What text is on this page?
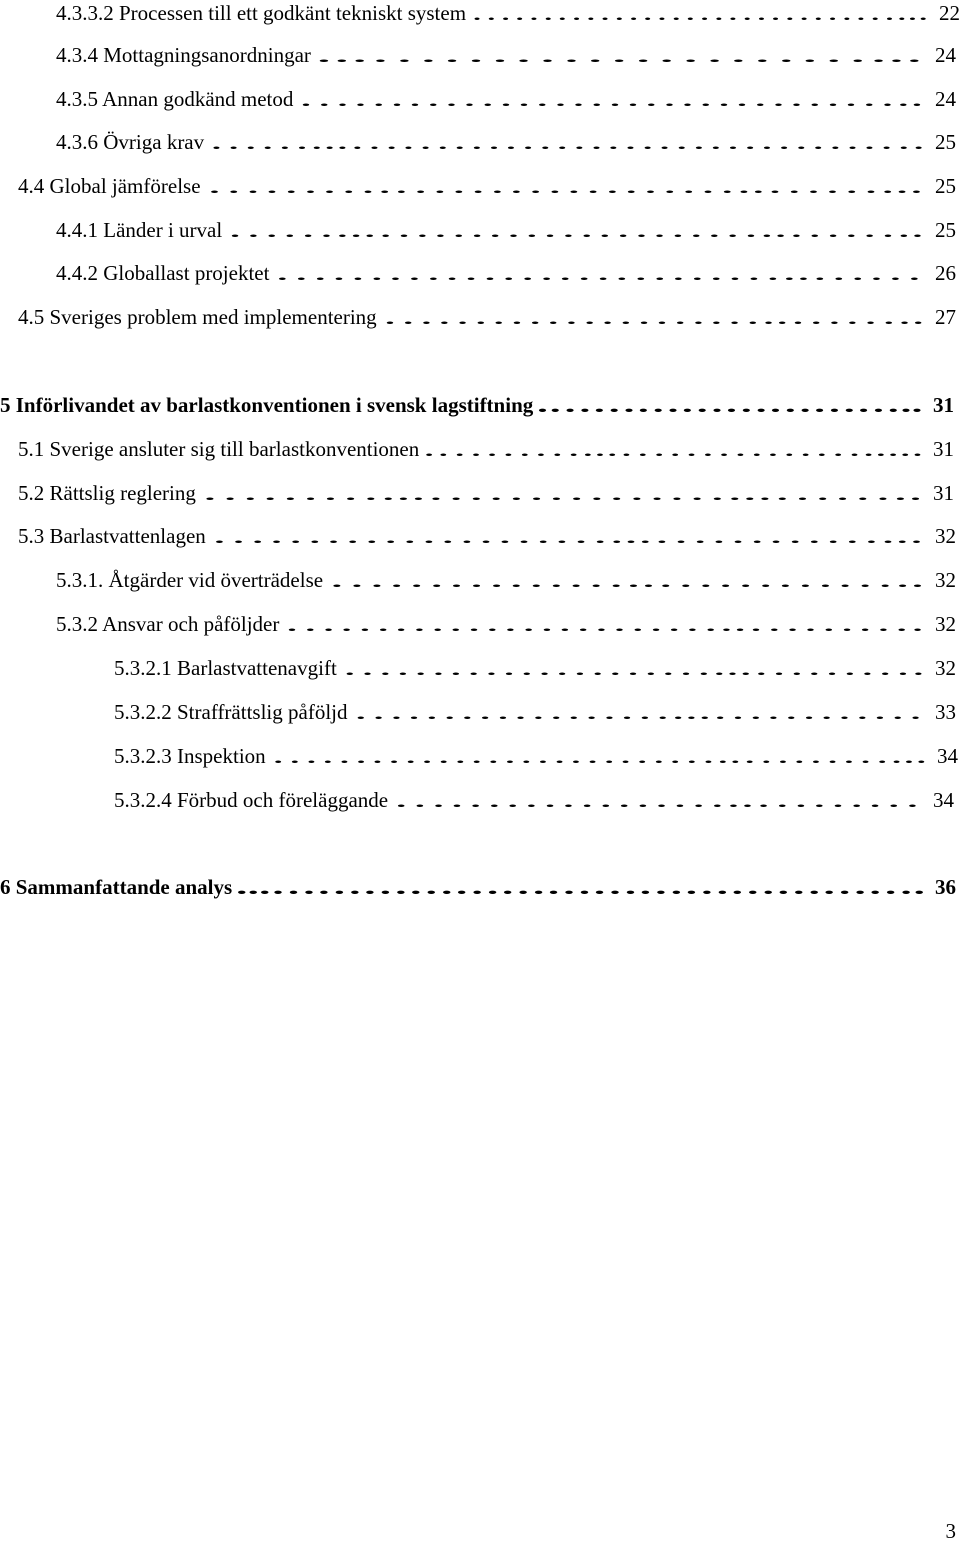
4.3.3.2 Processen till ett godkänt tekniskt system …………………………... 22
4.3.4 Mottagningsanordningar ...…………………... 24
4.3.5 Annan godkänd metod …………………………….. 24
4.3.6 Övriga krav ……...……………………………. 25
4.4 Global jämförelse ……….………………..……... 25
4.4.1 Länder i urval ……...…………………..…….. 25
4.4.2 Globallast projektet ………………………..…… 26
4.5 Sveriges problem med implementering …………………..…….. 27
5 Införlivandet av barlastkonventionen i svensk lagstiftning .…………………….. 31
5.1 Sverige ansluter sig till barlastkonventionen .………...……………..... 31
5.2 Rättslig reglering ………...……………...…….. 31
5.3 Barlastvattenlagen …………………...…………... 32
5.3.1. Åtgärder vid överträdelse ……………..………….. 32
5.3.2 Ansvar och påföljder ……………………..………. 32
5.3.2.1 Barlastvattenavgift …………………...………. 32
5.3.2.2 Straffrättslig påföljd ………………...………… 33
5.3.2.3 Inspektion ………………………..………... 34
5.3.2.4 Förbud och föreläggande ………………..……… 34
6 Sammanfattande analys ...……………………………………. 36
3
